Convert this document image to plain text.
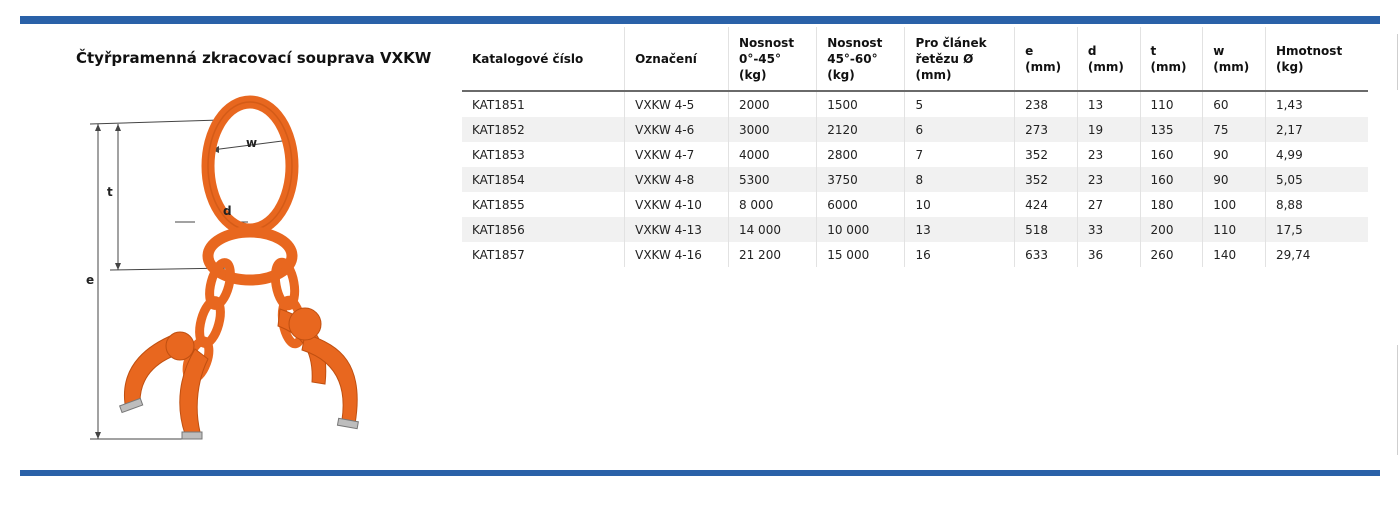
Čtyřpramenná zkracovací souprava VXKW
w
t
d
e
Katalogové číslo	Označení	Nosnost
0°-45°
(kg)	Nosnost
45°-60°
(kg)	Pro článek
řetězu Ø
(mm)	e
(mm)	d
(mm)	t
(mm)	w
(mm)	Hmotnost
(kg)

KAT1851	VXKW 4-5	2000	1500	5	238	13	110	60	1,43
KAT1852	VXKW 4-6	3000	2120	6	273	19	135	75	2,17
KAT1853	VXKW 4-7	4000	2800	7	352	23	160	90	4,99
KAT1854	VXKW 4-8	5300	3750	8	352	23	160	90	5,05
KAT1855	VXKW 4-10	8 000	6000	10	424	27	180	100	8,88
KAT1856	VXKW 4-13	14 000	10 000	13	518	33	200	110	17,5
KAT1857	VXKW 4-16	21 200	15 000	16	633	36	260	140	29,74
